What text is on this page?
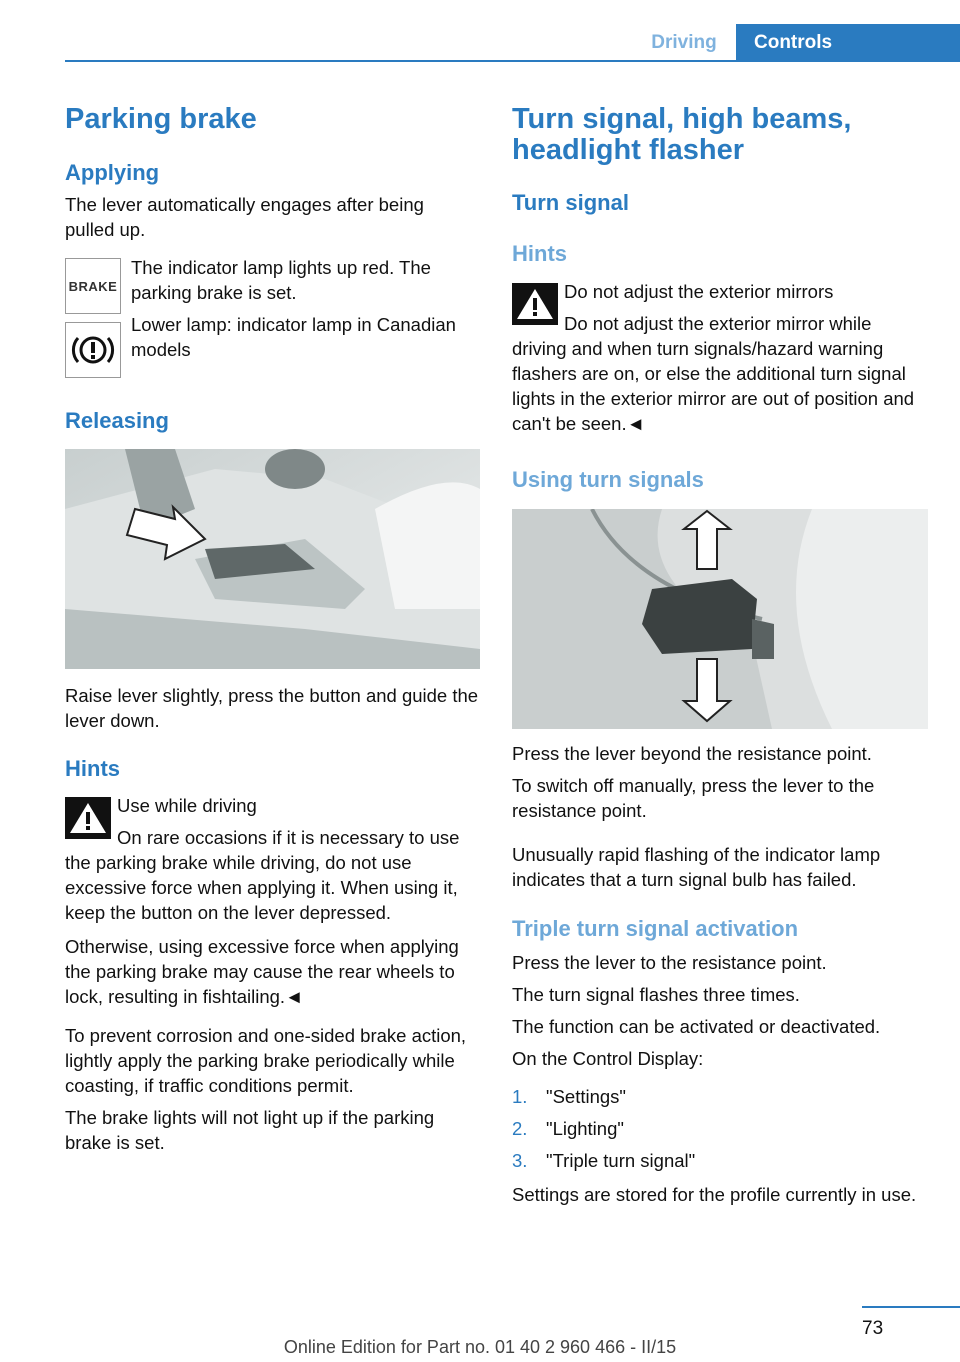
Driving	Controls
Parking brake
Applying
The lever automatically engages after being pulled up.
BRAKE
The indicator lamp lights up red. The parking brake is set.
Lower lamp: indicator lamp in Canadian models
Releasing
Raise lever slightly, press the button and guide the lever down.
Hints
Use while driving
On rare occasions if it is necessary to use the parking brake while driving, do not use excessive force when applying it. When using it, keep the button on the lever depressed.
Otherwise, using excessive force when applying the parking brake may cause the rear wheels to lock, resulting in fishtailing.◄
To prevent corrosion and one-sided brake action, lightly apply the parking brake periodically while coasting, if traffic conditions permit.
The brake lights will not light up if the parking brake is set.
Turn signal, high beams, headlight flasher
Turn signal
Hints
Do not adjust the exterior mirrors
Do not adjust the exterior mirror while driving and when turn signals/hazard warning flashers are on, or else the additional turn signal lights in the exterior mirror are out of position and can't be seen.◄
Using turn signals
Press the lever beyond the resistance point.
To switch off manually, press the lever to the resistance point.
Unusually rapid flashing of the indicator lamp indicates that a turn signal bulb has failed.
Triple turn signal activation
Press the lever to the resistance point.
The turn signal flashes three times.
The function can be activated or deactivated.
On the Control Display:
1. "Settings"
2. "Lighting"
3. "Triple turn signal"
Settings are stored for the profile currently in use.
73
Online Edition for Part no. 01 40 2 960 466 - II/15
